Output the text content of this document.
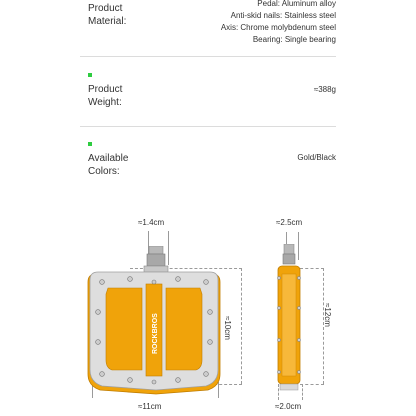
Product
Material:
Pedal: Aluminum alloy
Anti-skid nails: Stainless steel
Axis: Chrome molybdenum steel
Bearing: Single bearing
Product
Weight:
≈388g
Available
Colors:
Gold/Black
≈1.4cm	≈2.5cm
≈11cm	≈2.0cm
≈10cm
≈12cm
ROCKBROS
